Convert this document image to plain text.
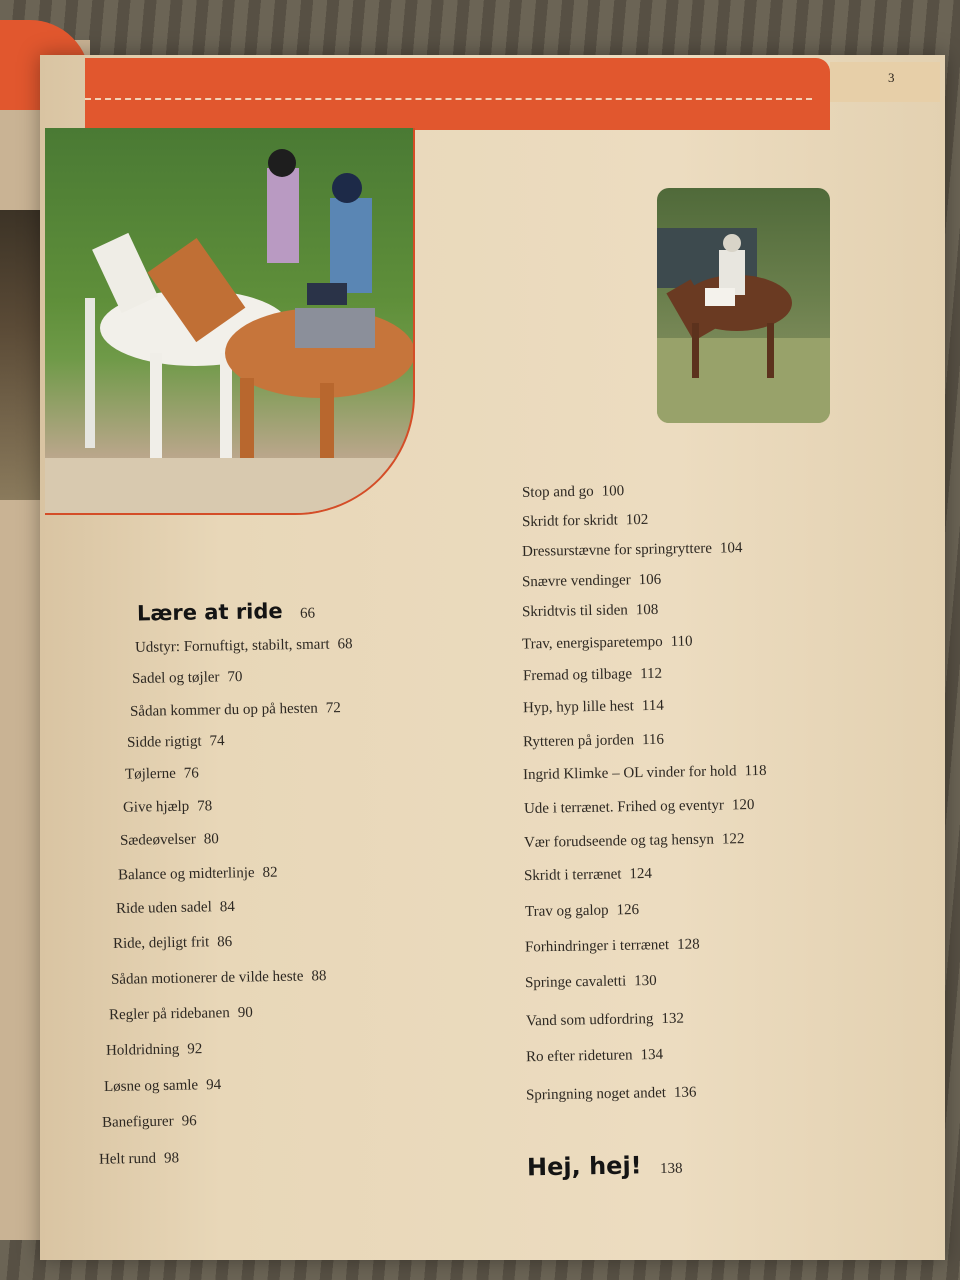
3
Lære at ride 66
Udstyr: Fornuftigt, stabilt, smart 68
Sadel og tøjler 70
Sådan kommer du op på hesten 72
Sidde rigtigt 74
Tøjlerne 76
Give hjælp 78
Sædeøvelser 80
Balance og midterlinje 82
Ride uden sadel 84
Ride, dejligt frit 86
Sådan motionerer de vilde heste 88
Regler på ridebanen 90
Holdridning 92
Løsne og samle 94
Banefigurer 96
Helt rund 98
Stop and go 100
Skridt for skridt 102
Dressurstævne for springryttere 104
Snævre vendinger 106
Skridtvis til siden 108
Trav, energisparetempo 110
Fremad og tilbage 112
Hyp, hyp lille hest 114
Rytteren på jorden 116
Ingrid Klimke – OL vinder for hold 118
Ude i terrænet. Frihed og eventyr 120
Vær forudseende og tag hensyn 122
Skridt i terrænet 124
Trav og galop 126
Forhindringer i terrænet 128
Springe cavaletti 130
Vand som udfordring 132
Ro efter rideturen 134
Springning noget andet 136
Hej, hej! 138
